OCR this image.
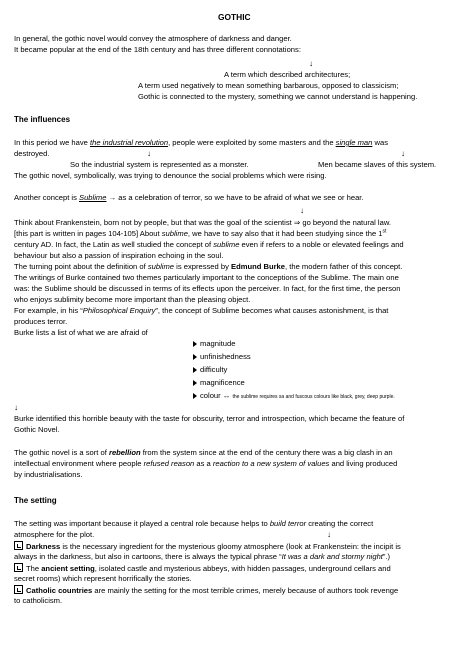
GOTHIC
In general, the gothic novel would convey the atmosphere of darkness and danger.
It became popular at the end of the 18th century and has three different connotations:
↓
A term which described architectures;
A term used negatively to mean something barbarous, opposed to classicism;
Gothic is connected to the mystery, something we cannot understand is happening.
The influences
In this period we have the industrial revolution, people were exploited by some masters and the single man was
destroyed.	↓	↓
So the industrial system is represented as a monster.	Men became slaves of this system.
The gothic novel, symbolically, was trying to denounce the social problems which were rising.
Another concept is Sublime → as a celebration of terror, so we have to be afraid of what we see or hear.
↓
Think about Frankenstein, born not by people, but that was the goal of the scientist ⇒ go beyond the natural law.
[this part is written in pages 104-105] About sublime, we have to say also that it had been studying since the 1st
century AD. In fact, the Latin as well studied the concept of sublime even if refers to a noble or elevated feelings and
behaviour but also a passion of inspiration echoing in the soul.
The turning point about the definition of sublime is expressed by Edmund Burke, the modern father of this concept.
The writings of Burke contained two themes particularly important to the conceptions of the Sublime. The main one
was: the Sublime should be discussed in terms of its effects upon the perceiver. In fact, for the first time, the person
who enjoys sublimity become more important than the pleasing object.
For example, in his “Philosophical Enquiry”, the concept of Sublime becomes what causes astonishment, is that
produces terror.
Burke lists a list of what we are afraid of
magnitude
unfinishedness
difficulty
magnificence
colour ↔ the sublime requires sa and fuscous colours like black, grey, deep purple.
↓
Burke identified this horrible beauty with the taste for obscurity, terror and introspection, which became the feature of
Gothic Novel.
The gothic novel is a sort of rebellion from the system since at the end of the century there was a big clash in an
intellectual environment where people refused reason as a reaction to a new system of values and living produced
by industrialisations.
The setting
The setting was important because it played a central role because helps to build terror creating the correct
atmosphere for the plot.	↓
Darkness is the necessary ingredient for the mysterious gloomy atmosphere (look at Frankenstein: the incipit is
always in the darkness, but also in cartoons, there is always the typical phrase “It was a dark and stormy night”.)
The ancient setting, isolated castle and mysterious abbeys, with hidden passages, underground cellars and
secret rooms) which represent horrifically the stories.
Catholic countries are mainly the setting for the most terrible crimes, merely because of authors took revenge
to catholicism.
